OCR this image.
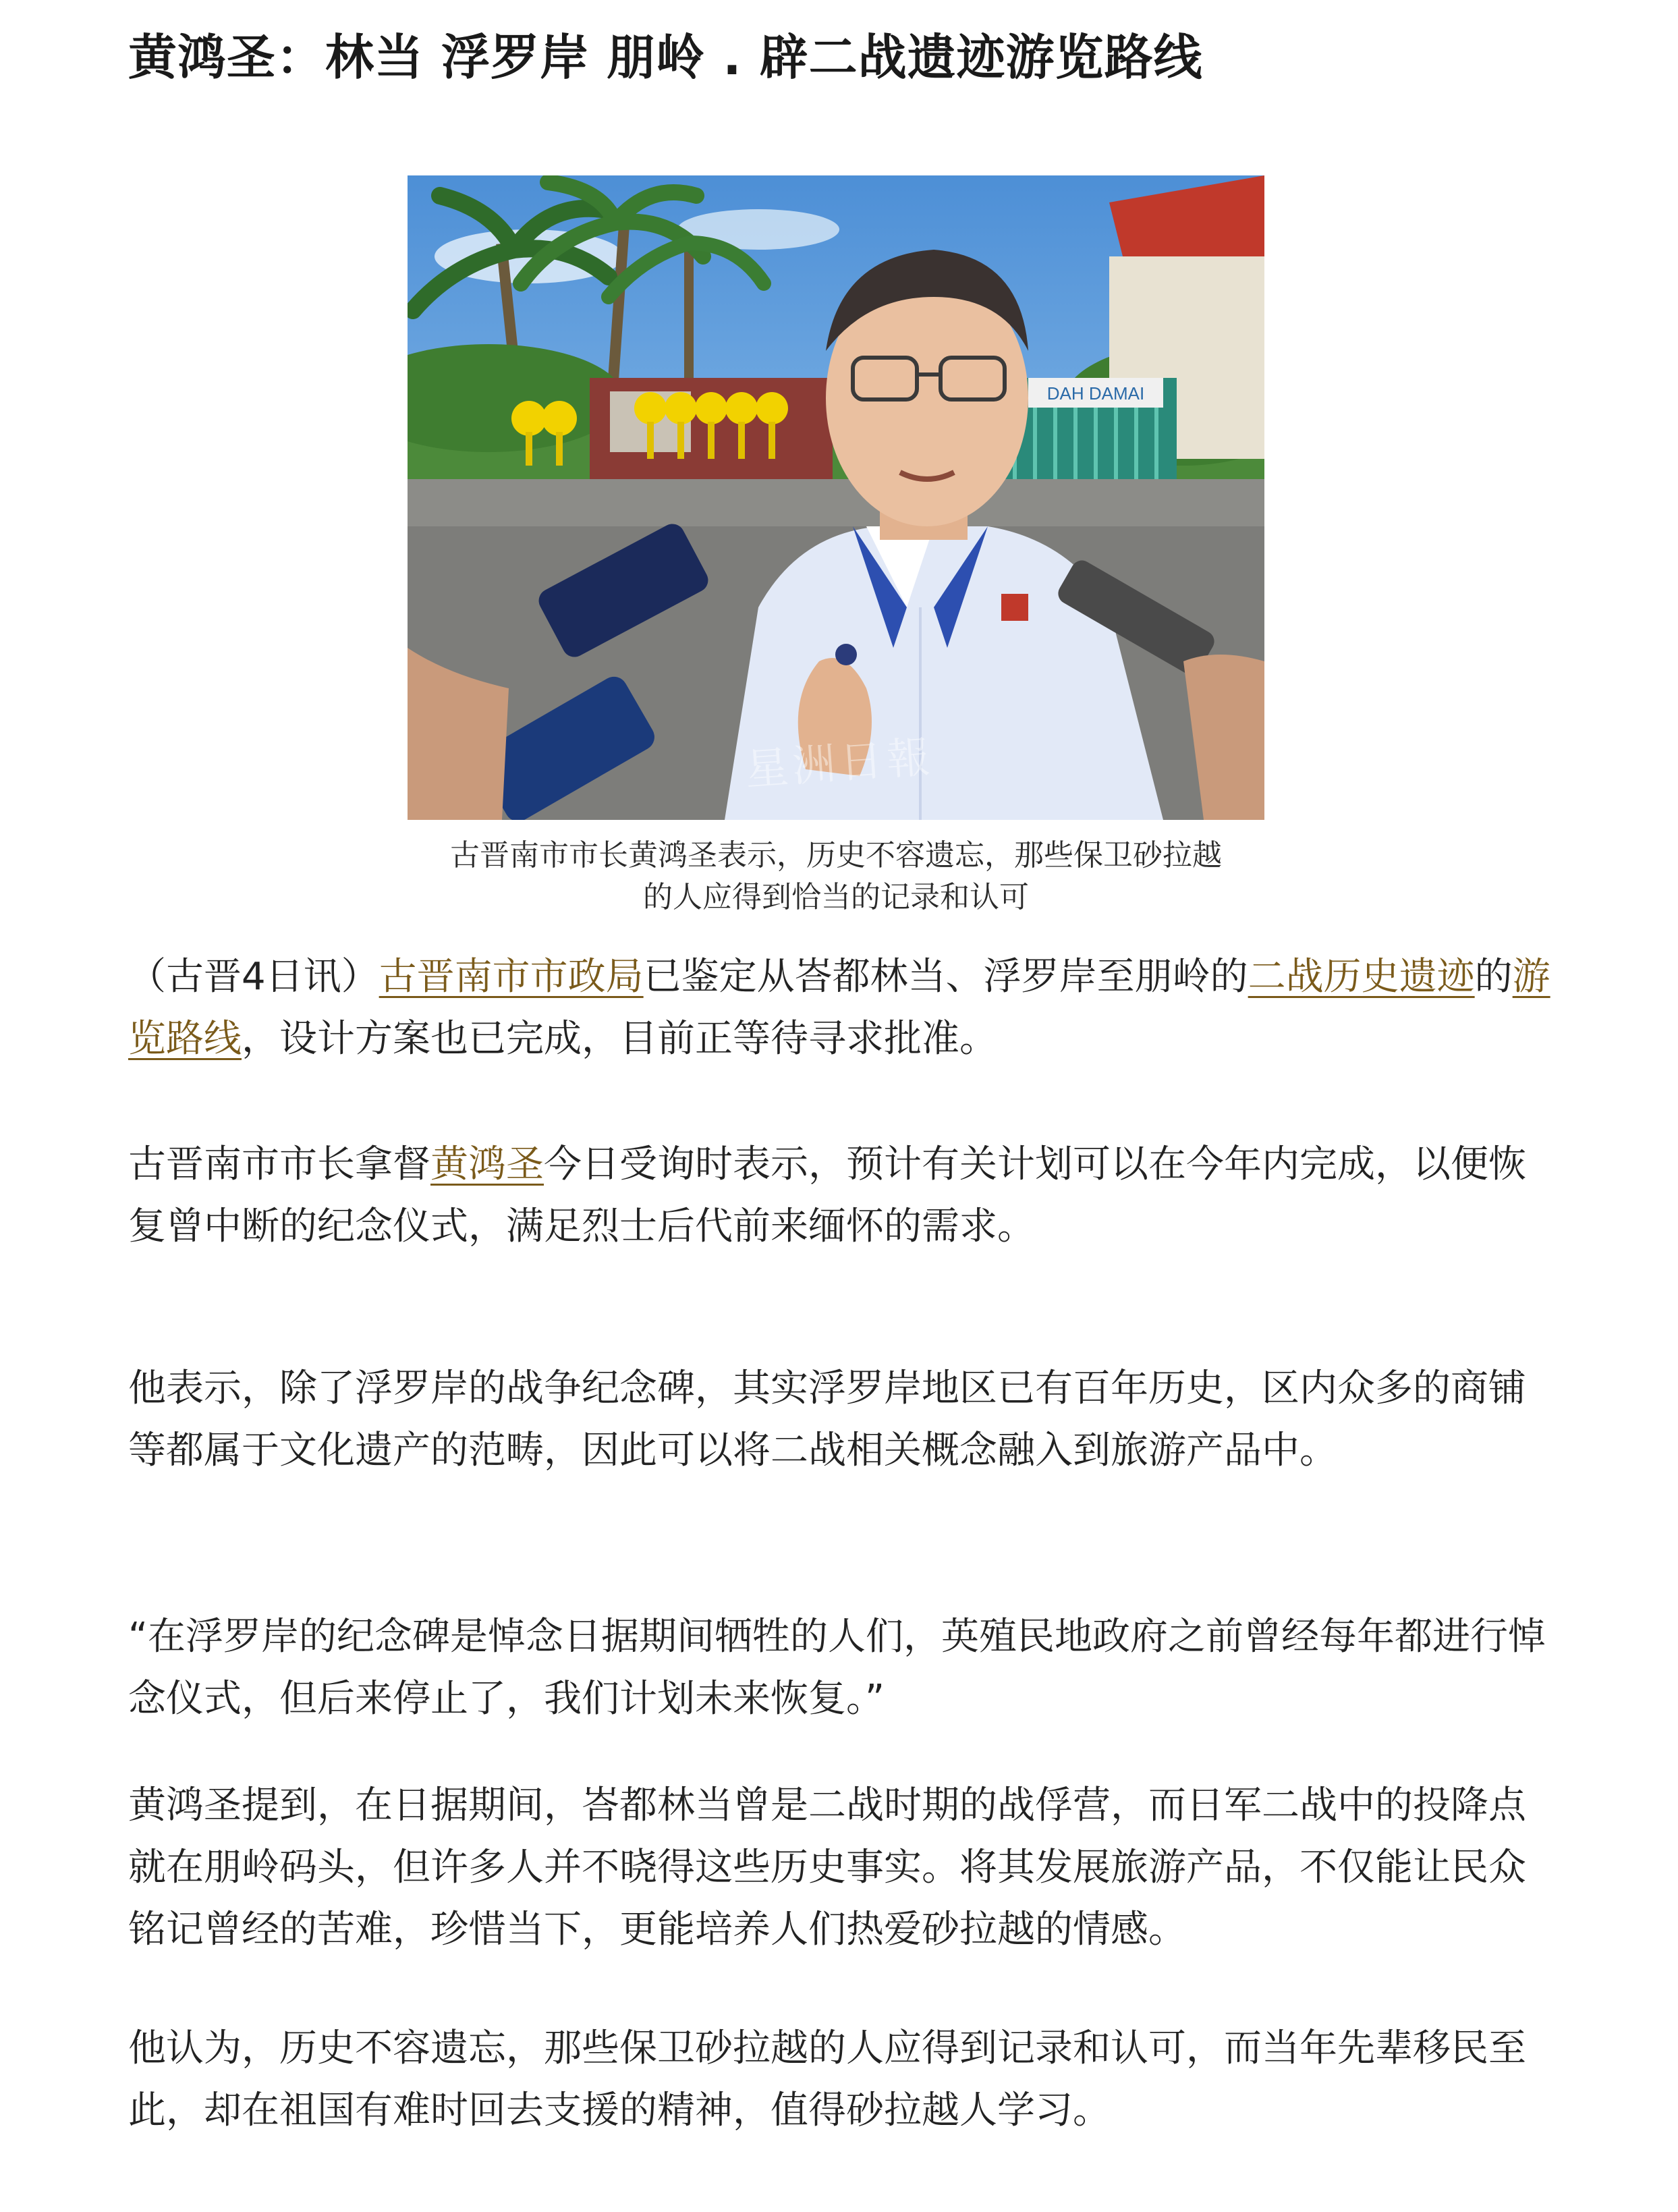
黄鸿圣：林当 浮罗岸 朋岭 . 辟二战遗迹游览路线
DAH DAMAI
星洲日報
古晋南市市长黄鸿圣表示，历史不容遗忘，那些保卫砂拉越
的人应得到恰当的记录和认可

（古晋4日讯）古晋南市市政局已鉴定从峇都林当、浮罗岸至朋岭的二战历史遗迹的游览路线，设计方案也已完成，目前正等待寻求批准。

古晋南市市长拿督黄鸿圣今日受询时表示，预计有关计划可以在今年内完成，以便恢复曾中断的纪念仪式，满足烈士后代前来缅怀的需求。

他表示，除了浮罗岸的战争纪念碑，其实浮罗岸地区已有百年历史，区内众多的商铺等都属于文化遗产的范畴，因此可以将二战相关概念融入到旅游产品中。

“在浮罗岸的纪念碑是悼念日据期间牺牲的人们，英殖民地政府之前曾经每年都进行悼念仪式，但后来停止了，我们计划未来恢复。”

黄鸿圣提到，在日据期间，峇都林当曾是二战时期的战俘营，而日军二战中的投降点就在朋岭码头，但许多人并不晓得这些历史事实。将其发展旅游产品，不仅能让民众铭记曾经的苦难，珍惜当下，更能培养人们热爱砂拉越的情感。

他认为，历史不容遗忘，那些保卫砂拉越的人应得到记录和认可，而当年先辈移民至此，却在祖国有难时回去支援的精神，值得砂拉越人学习。
